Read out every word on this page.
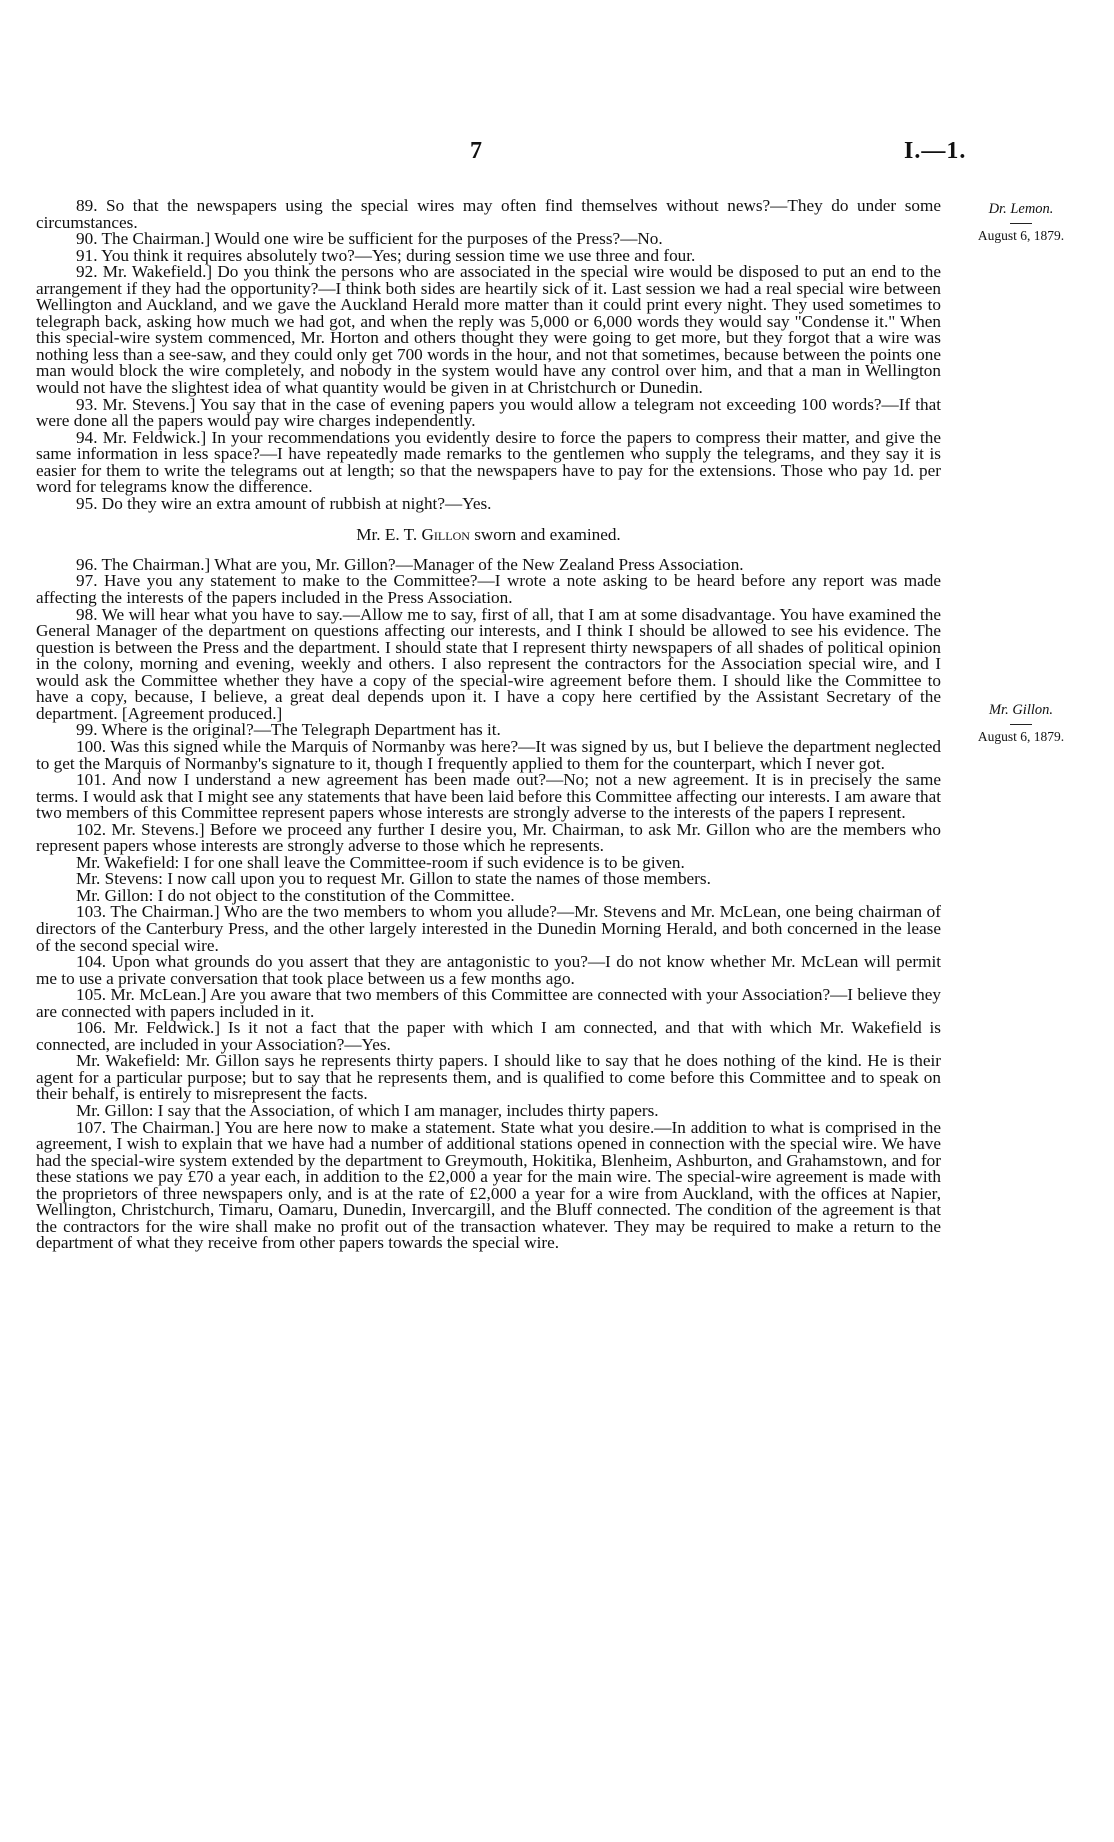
7	I.—1.
Dr. Lemon.
August 6, 1879.
Mr. Gillon.
August 6, 1879.

89. So that the newspapers using the special wires may often find themselves without news?—They do under some circumstances.

90. The Chairman.] Would one wire be sufficient for the purposes of the Press?—No.

91. You think it requires absolutely two?—Yes; during session time we use three and four.

92. Mr. Wakefield.] Do you think the persons who are associated in the special wire would be disposed to put an end to the arrangement if they had the opportunity?—I think both sides are heartily sick of it. Last session we had a real special wire between Wellington and Auckland, and we gave the Auckland Herald more matter than it could print every night. They used sometimes to telegraph back, asking how much we had got, and when the reply was 5,000 or 6,000 words they would say "Condense it." When this special-wire system commenced, Mr. Horton and others thought they were going to get more, but they forgot that a wire was nothing less than a see-saw, and they could only get 700 words in the hour, and not that sometimes, because between the points one man would block the wire completely, and nobody in the system would have any control over him, and that a man in Wellington would not have the slightest idea of what quantity would be given in at Christchurch or Dunedin.

93. Mr. Stevens.] You say that in the case of evening papers you would allow a telegram not exceeding 100 words?—If that were done all the papers would pay wire charges independently.

94. Mr. Feldwick.] In your recommendations you evidently desire to force the papers to compress their matter, and give the same information in less space?—I have repeatedly made remarks to the gentlemen who supply the telegrams, and they say it is easier for them to write the telegrams out at length; so that the newspapers have to pay for the extensions. Those who pay 1d. per word for telegrams know the difference.

95. Do they wire an extra amount of rubbish at night?—Yes.

Mr. E. T. Gillon sworn and examined.

96. The Chairman.] What are you, Mr. Gillon?—Manager of the New Zealand Press Association.

97. Have you any statement to make to the Committee?—I wrote a note asking to be heard before any report was made affecting the interests of the papers included in the Press Association.

98. We will hear what you have to say.—Allow me to say, first of all, that I am at some disadvantage. You have examined the General Manager of the department on questions affecting our interests, and I think I should be allowed to see his evidence. The question is between the Press and the department. I should state that I represent thirty newspapers of all shades of political opinion in the colony, morning and evening, weekly and others. I also represent the contractors for the Association special wire, and I would ask the Committee whether they have a copy of the special-wire agreement before them. I should like the Committee to have a copy, because, I believe, a great deal depends upon it. I have a copy here certified by the Assistant Secretary of the department. [Agreement produced.]

99. Where is the original?—The Telegraph Department has it.

100. Was this signed while the Marquis of Normanby was here?—It was signed by us, but I believe the department neglected to get the Marquis of Normanby's signature to it, though I frequently applied to them for the counterpart, which I never got.

101. And now I understand a new agreement has been made out?—No; not a new agreement. It is in precisely the same terms. I would ask that I might see any statements that have been laid before this Committee affecting our interests. I am aware that two members of this Committee represent papers whose interests are strongly adverse to the interests of the papers I represent.

102. Mr. Stevens.] Before we proceed any further I desire you, Mr. Chairman, to ask Mr. Gillon who are the members who represent papers whose interests are strongly adverse to those which he represents.

Mr. Wakefield: I for one shall leave the Committee-room if such evidence is to be given.

Mr. Stevens: I now call upon you to request Mr. Gillon to state the names of those members.

Mr. Gillon: I do not object to the constitution of the Committee.

103. The Chairman.] Who are the two members to whom you allude?—Mr. Stevens and Mr. McLean, one being chairman of directors of the Canterbury Press, and the other largely interested in the Dunedin Morning Herald, and both concerned in the lease of the second special wire.

104. Upon what grounds do you assert that they are antagonistic to you?—I do not know whether Mr. McLean will permit me to use a private conversation that took place between us a few months ago.

105. Mr. McLean.] Are you aware that two members of this Committee are connected with your Association?—I believe they are connected with papers included in it.

106. Mr. Feldwick.] Is it not a fact that the paper with which I am connected, and that with which Mr. Wakefield is connected, are included in your Association?—Yes.

Mr. Wakefield: Mr. Gillon says he represents thirty papers. I should like to say that he does nothing of the kind. He is their agent for a particular purpose; but to say that he represents them, and is qualified to come before this Committee and to speak on their behalf, is entirely to misrepresent the facts.

Mr. Gillon: I say that the Association, of which I am manager, includes thirty papers.

107. The Chairman.] You are here now to make a statement. State what you desire.—In addition to what is comprised in the agreement, I wish to explain that we have had a number of additional stations opened in connection with the special wire. We have had the special-wire system extended by the department to Greymouth, Hokitika, Blenheim, Ashburton, and Grahamstown, and for these stations we pay £70 a year each, in addition to the £2,000 a year for the main wire. The special-wire agreement is made with the proprietors of three newspapers only, and is at the rate of £2,000 a year for a wire from Auckland, with the offices at Napier, Wellington, Christchurch, Timaru, Oamaru, Dunedin, Invercargill, and the Bluff connected. The condition of the agreement is that the contractors for the wire shall make no profit out of the transaction whatever. They may be required to make a return to the department of what they receive from other papers towards the special wire.
